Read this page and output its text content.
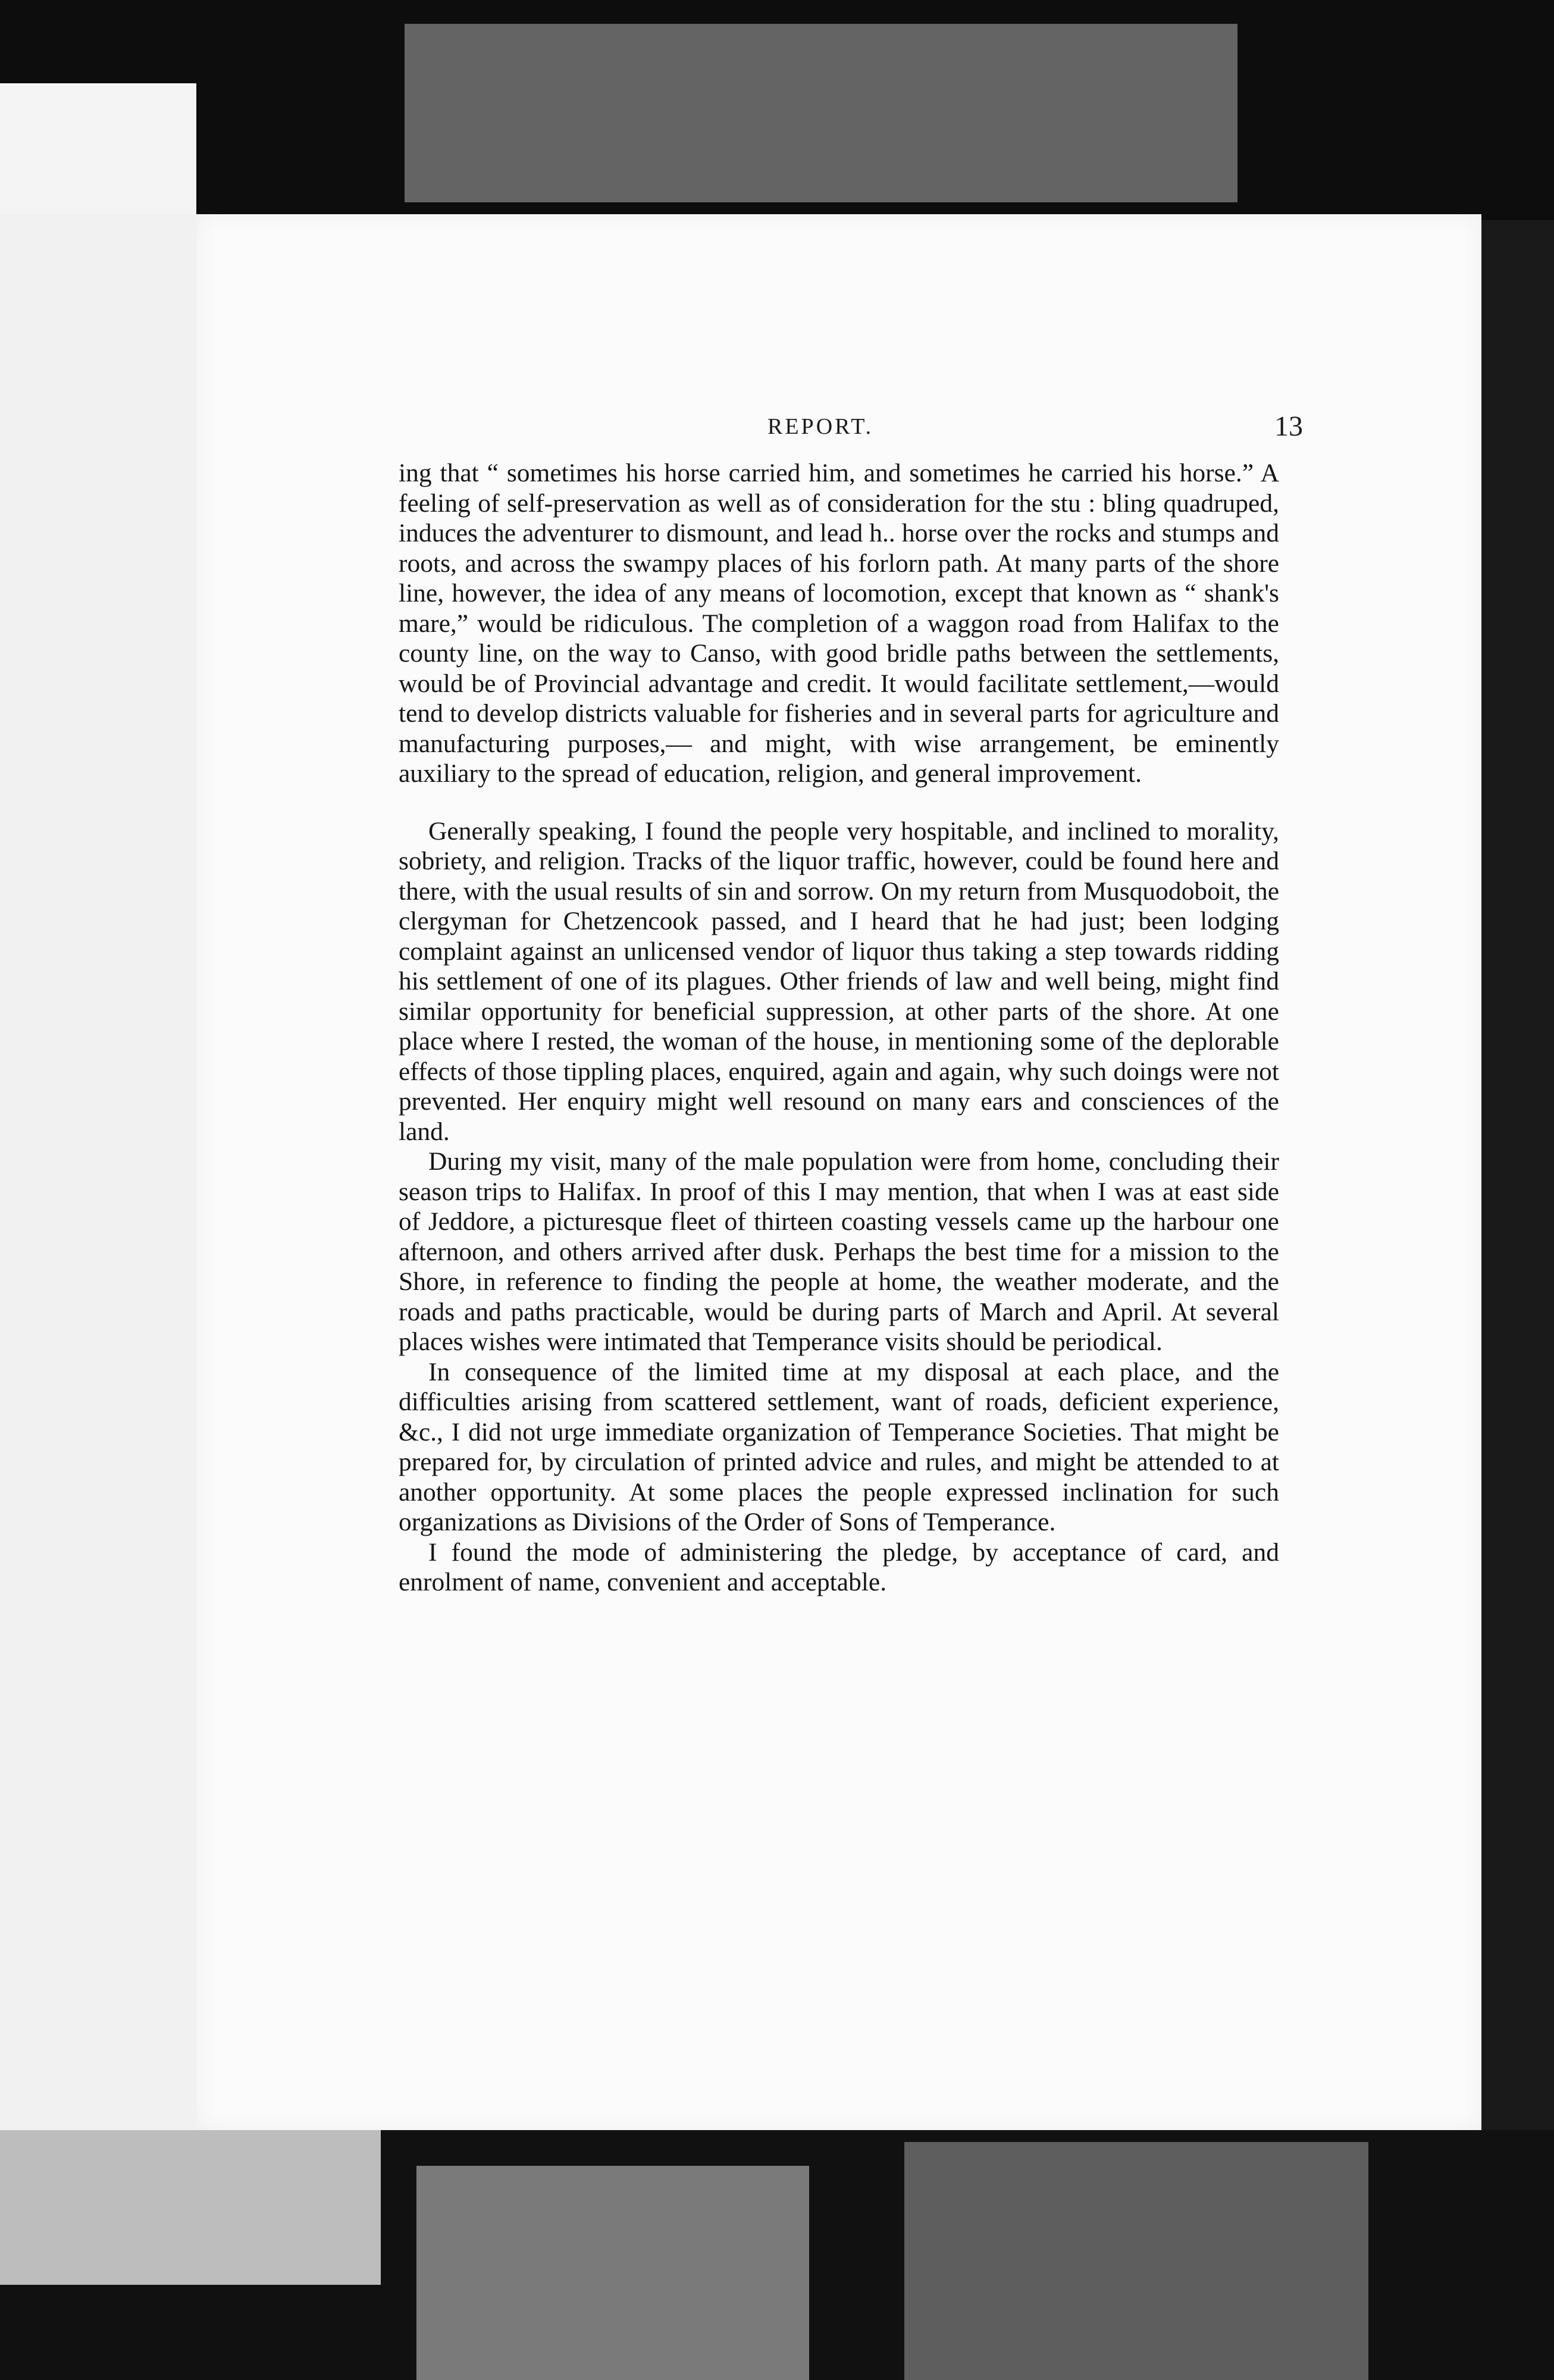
REPORT.	13

ing that “ sometimes his horse carried him, and sometimes he carried his horse.” A feeling of self-preservation as well as of consideration for the stu : bling quadruped, induces the adventurer to dismount, and lead h.. horse over the rocks and stumps and roots, and across the swampy places of his forlorn path. At many parts of the shore line, however, the idea of any means of locomotion, except that known as “ shank's mare,” would be ridiculous. The completion of a waggon road from Halifax to the county line, on the way to Canso, with good bridle paths between the settlements, would be of Provincial advantage and credit. It would facilitate settlement,—would tend to develop districts valuable for fisheries and in several parts for agriculture and manufacturing purposes,— and might, with wise arrangement, be eminently auxiliary to the spread of education, religion, and general improvement.

Generally speaking, I found the people very hospitable, and inclined to morality, sobriety, and religion. Tracks of the liquor traffic, however, could be found here and there, with the usual results of sin and sorrow. On my return from Musquodoboit, the clergyman for Chetzencook passed, and I heard that he had just; been lodging complaint against an unlicensed vendor of liquor thus taking a step towards ridding his settlement of one of its plagues. Other friends of law and well being, might find similar opportunity for beneficial suppression, at other parts of the shore. At one place where I rested, the woman of the house, in mentioning some of the deplorable effects of those tippling places, enquired, again and again, why such doings were not prevented. Her enquiry might well resound on many ears and consciences of the land.

During my visit, many of the male population were from home, concluding their season trips to Halifax. In proof of this I may mention, that when I was at east side of Jeddore, a picturesque fleet of thirteen coasting vessels came up the harbour one afternoon, and others arrived after dusk. Perhaps the best time for a mission to the Shore, in reference to finding the people at home, the weather moderate, and the roads and paths practicable, would be during parts of March and April. At several places wishes were intimated that Temperance visits should be periodical.

In consequence of the limited time at my disposal at each place, and the difficulties arising from scattered settlement, want of roads, deficient experience, &c., I did not urge immediate organization of Temperance Societies. That might be prepared for, by circulation of printed advice and rules, and might be attended to at another opportunity. At some places the people expressed inclination for such organizations as Divisions of the Order of Sons of Temperance.

I found the mode of administering the pledge, by acceptance of card, and enrolment of name, convenient and acceptable.
